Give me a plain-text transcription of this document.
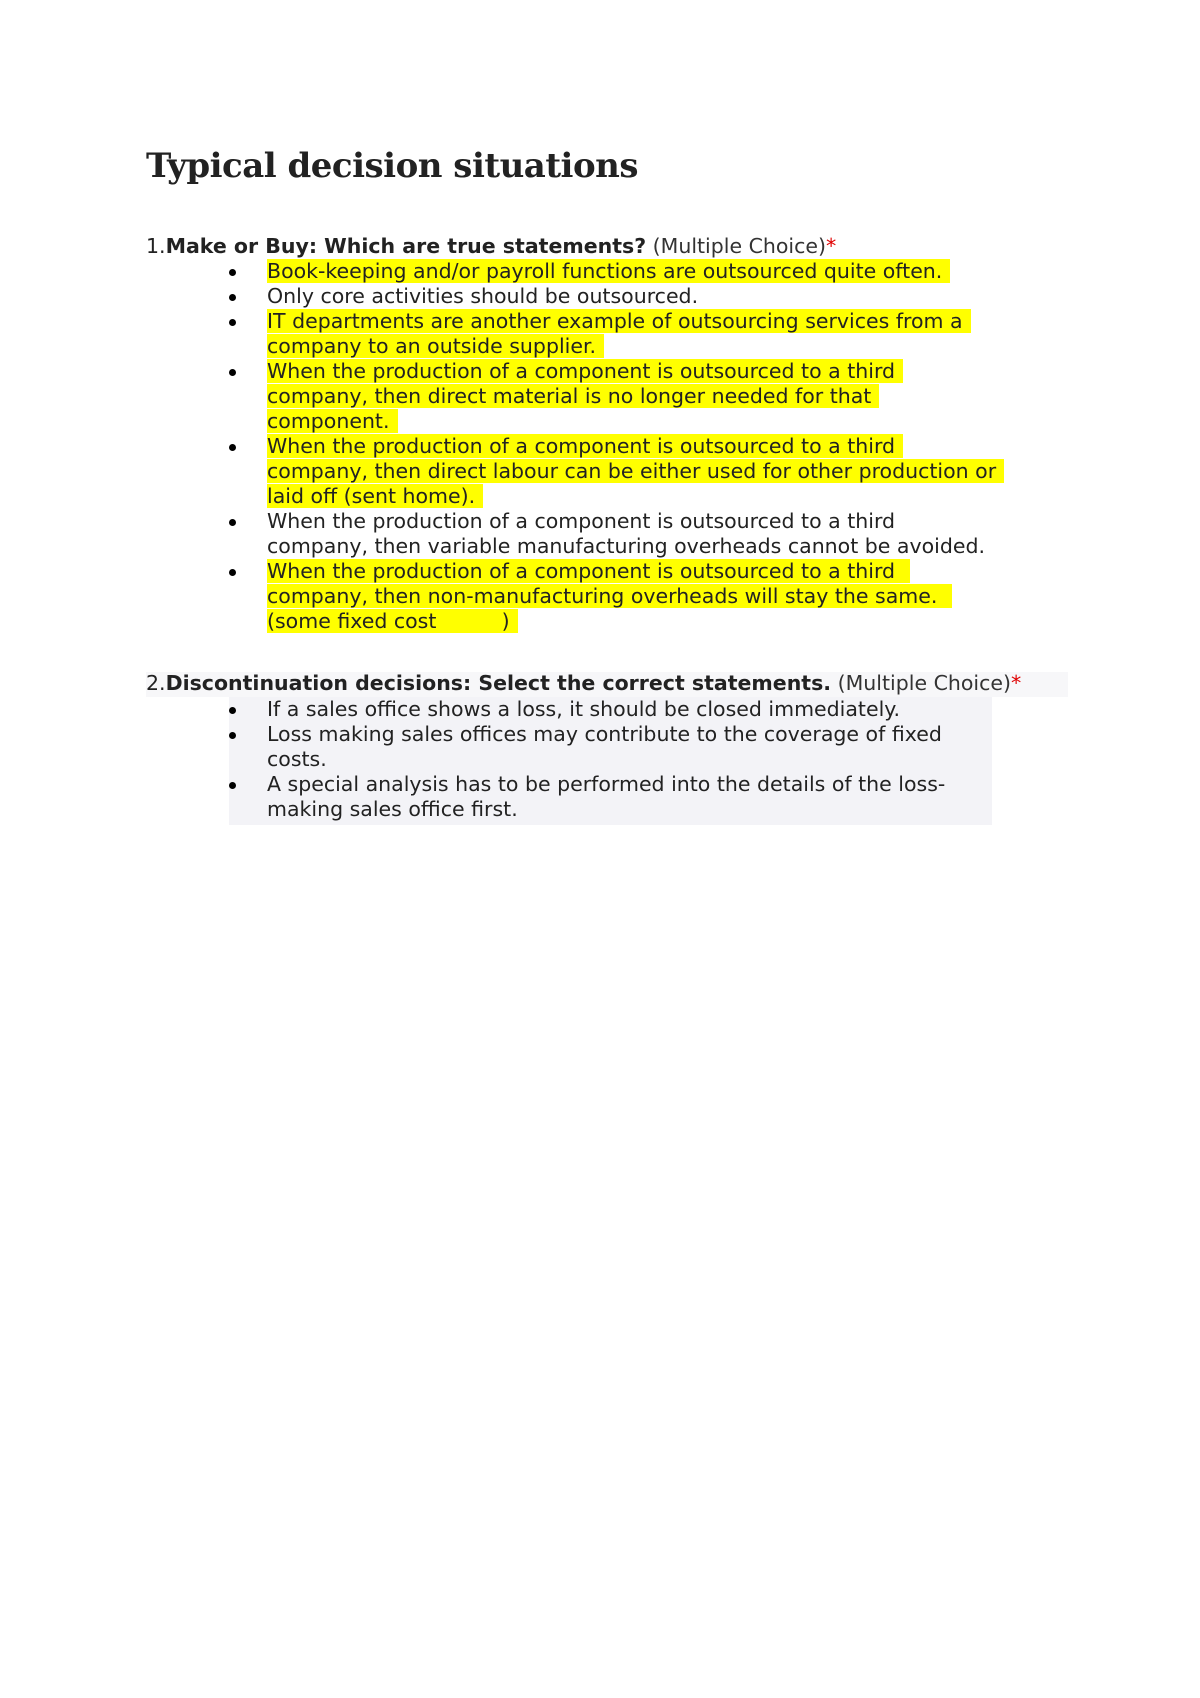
Typical decision situations

1.Make or Buy: Which are true statements? (Multiple Choice)*

Book-keeping and/or payroll functions are outsourced quite often.
Only core activities should be outsourced.
IT departments are another example of outsourcing services from a company to an outside supplier.
When the production of a component is outsourced to a third company, then direct material is no longer needed for that component.
When the production of a component is outsourced to a third company, then direct labour can be either used for other production or laid off (sent home).
When the production of a component is outsourced to a third company, then variable manufacturing overheads cannot be avoided.
When the production of a component is outsourced to a third company, then non-manufacturing overheads will stay the same. (some fixed cost          )

2.Discontinuation decisions: Select the correct statements. (Multiple Choice)*

If a sales office shows a loss, it should be closed immediately.
Loss making sales offices may contribute to the coverage of fixed costs.
A special analysis has to be performed into the details of the loss-making sales office first.
